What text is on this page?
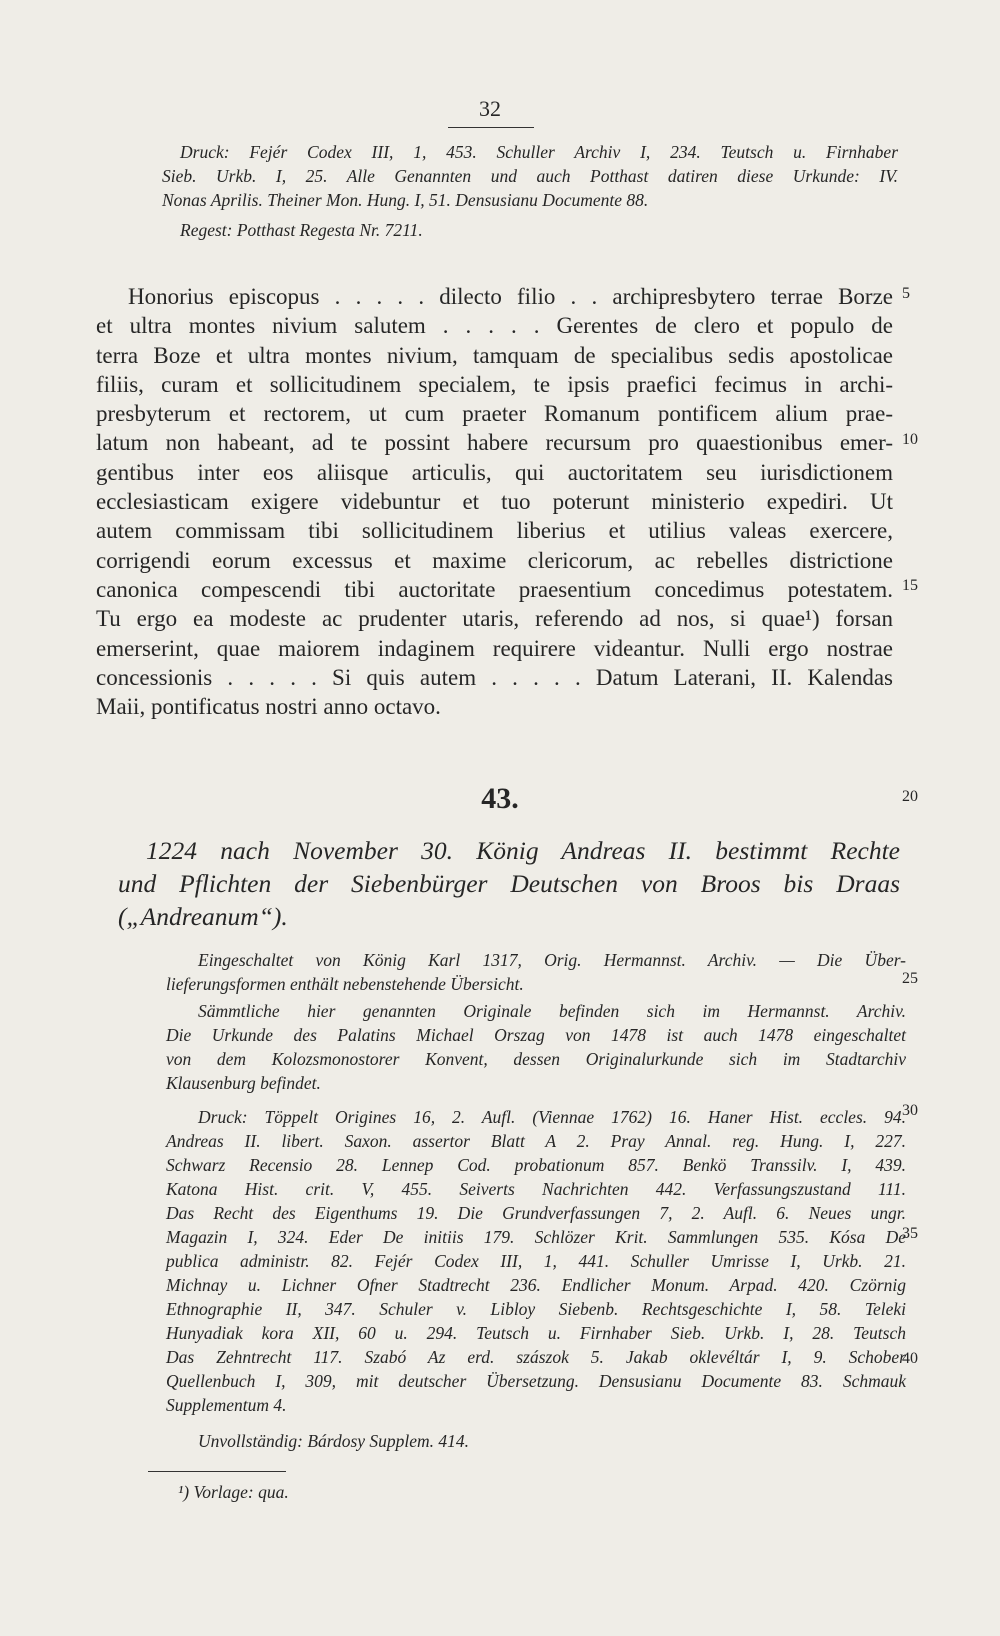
32
Druck: Fejér Codex III, 1, 453. Schuller Archiv I, 234. Teutsch u. Firnhaber
Sieb. Urkb. I, 25. Alle Genannten und auch Potthast datiren diese Urkunde: IV.
Nonas Aprilis. Theiner Mon. Hung. I, 51. Densusianu Documente 88.
Regest: Potthast Regesta Nr. 7211.
Honorius episcopus . . . . . dilecto filio . . archipresbytero terrae Borze
et ultra montes nivium salutem . . . . . Gerentes de clero et populo de
terra Boze et ultra montes nivium, tamquam de specialibus sedis apostolicae
filiis, curam et sollicitudinem specialem, te ipsis praefici fecimus in archi-
presbyterum et rectorem, ut cum praeter Romanum pontificem alium prae-
latum non habeant, ad te possint habere recursum pro quaestionibus emer-
gentibus inter eos aliisque articulis, qui auctoritatem seu iurisdictionem
ecclesiasticam exigere videbuntur et tuo poterunt ministerio expediri. Ut
autem commissam tibi sollicitudinem liberius et utilius valeas exercere,
corrigendi eorum excessus et maxime clericorum, ac rebelles districtione
canonica compescendi tibi auctoritate praesentium concedimus potestatem.
Tu ergo ea modeste ac prudenter utaris, referendo ad nos, si quae¹) forsan
emerserint, quae maiorem indaginem requirere videantur. Nulli ergo nostrae
concessionis . . . . . Si quis autem . . . . . Datum Laterani, II. Kalendas
Maii, pontificatus nostri anno octavo.
43.
1224 nach November 30. König Andreas II. bestimmt Rechte
und Pflichten der Siebenbürger Deutschen von Broos bis Draas
(„Andreanum“).
Eingeschaltet von König Karl 1317, Orig. Hermannst. Archiv. — Die Über-
lieferungsformen enthält nebenstehende Übersicht.
Sämmtliche hier genannten Originale befinden sich im Hermannst. Archiv.
Die Urkunde des Palatins Michael Orszag von 1478 ist auch 1478 eingeschaltet
von dem Kolozsmonostorer Konvent, dessen Originalurkunde sich im Stadtarchiv
Klausenburg befindet.
Druck: Töppelt Origines 16, 2. Aufl. (Viennae 1762) 16. Haner Hist. eccles. 94.
Andreas II. libert. Saxon. assertor Blatt A 2. Pray Annal. reg. Hung. I, 227.
Schwarz Recensio 28. Lennep Cod. probationum 857. Benkö Transsilv. I, 439.
Katona Hist. crit. V, 455. Seiverts Nachrichten 442. Verfassungszustand 111.
Das Recht des Eigenthums 19. Die Grundverfassungen 7, 2. Aufl. 6. Neues ungr.
Magazin I, 324. Eder De initiis 179. Schlözer Krit. Sammlungen 535. Kósa De
publica administr. 82. Fejér Codex III, 1, 441. Schuller Umrisse I, Urkb. 21.
Michnay u. Lichner Ofner Stadtrecht 236. Endlicher Monum. Arpad. 420. Czörnig
Ethnographie II, 347. Schuler v. Libloy Siebenb. Rechtsgeschichte I, 58. Teleki
Hunyadiak kora XII, 60 u. 294. Teutsch u. Firnhaber Sieb. Urkb. I, 28. Teutsch
Das Zehntrecht 117. Szabó Az erd. szászok 5. Jakab oklevéltár I, 9. Schober
Quellenbuch I, 309, mit deutscher Übersetzung. Densusianu Documente 83. Schmauk
Supplementum 4.
Unvollständig: Bárdosy Supplem. 414.
¹) Vorlage: qua.
5
10
15
20
25
30
35
40
